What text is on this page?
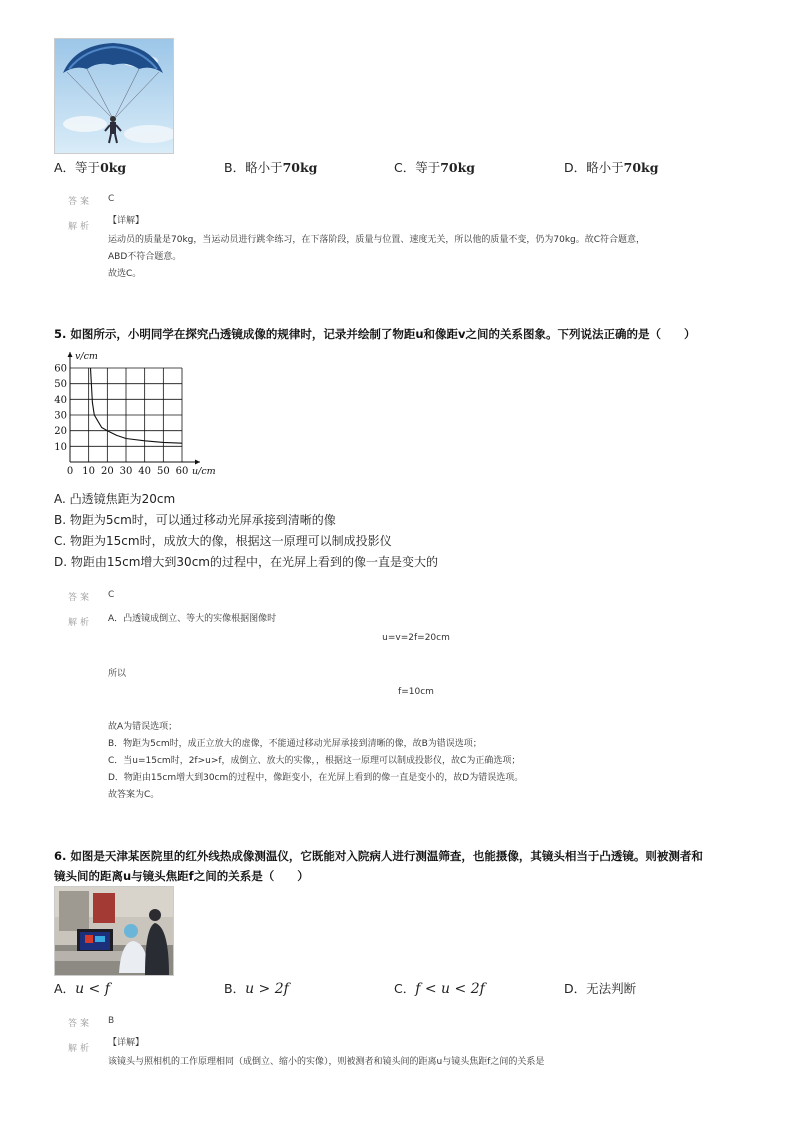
A．等于0kg	B．略小于70kg	C．等于70kg	D．略小于70kg
答案 C
解析
【详解】
运动员的质量是70kg，当运动员进行跳伞练习，在下落阶段，质量与位置、速度无关，所以他的质量不变，仍为70kg。故C符合题意，
ABD不符合题意。
故选C。
5. 如图所示，小明同学在探究凸透镜成像的规律时，记录并绘制了物距u和像距v之间的关系图象。下列说法正确的是（　　）
0 10 20 30 40 50 60
10
20
30
40
50
60
v/cm
u/cm
A. 凸透镜焦距为20cm
B. 物距为5cm时，可以通过移动光屏承接到清晰的像
C. 物距为15cm时，成放大的像，根据这一原理可以制成投影仪
D. 物距由15cm增大到30cm的过程中，在光屏上看到的像一直是变大的
答案 C
解析 A．凸透镜成倒立、等大的实像根据图像时
u=v=2f=20cm
所以
f=10cm
故A为错误选项；
B．物距为5cm时，成正立放大的虚像，不能通过移动光屏承接到清晰的像，故B为错误选项；
C．当u=15cm时，2f>u>f，成倒立、放大的实像，，根据这一原理可以制成投影仪，故C为正确选项；
D．物距由15cm增大到30cm的过程中，像距变小，在光屏上看到的像一直是变小的，故D为错误选项。
故答案为C。
6. 如图是天津某医院里的红外线热成像测温仪，它既能对入院病人进行测温筛查，也能摄像，其镜头相当于凸透镜。则被测者和
镜头间的距离u与镜头焦距f之间的关系是（　　）
A．u < f	B．u > 2f	C．f < u < 2f	D．无法判断
答案 B
解析
【详解】
该镜头与照相机的工作原理相同（成倒立、缩小的实像），则被测者和镜头间的距离u与镜头焦距f之间的关系是
